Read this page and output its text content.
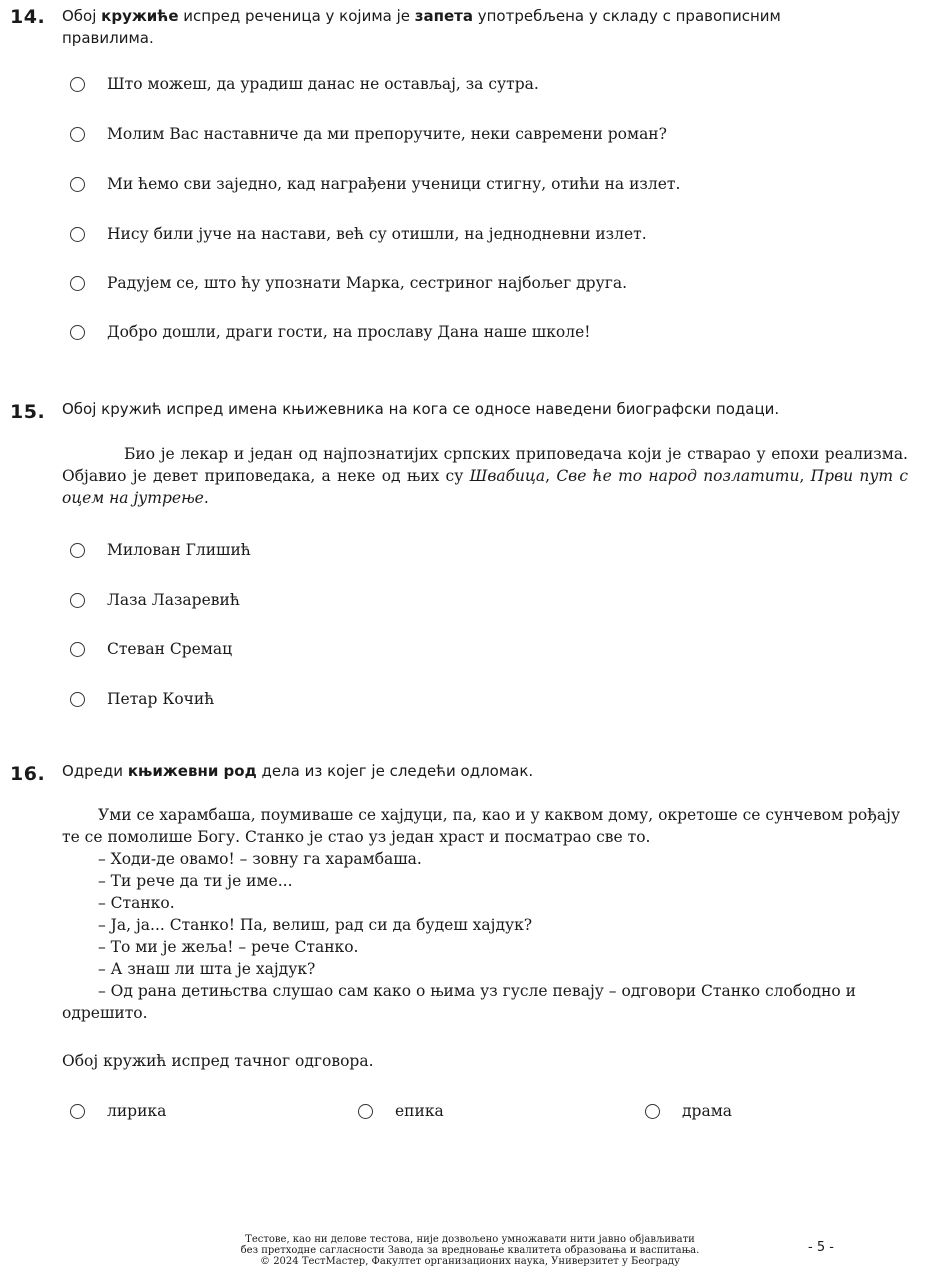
14. Обој кружиће испред реченица у којима је запета употребљена у складу с правописним правилима.
Што можеш, да урадиш данас не остављај, за сутра.
Молим Вас наставниче да ми препоручите, неки савремени роман?
Ми ћемо сви заједно, кад награђени ученици стигну, отићи на излет.
Нису били јуче на настави, већ су отишли, на једнодневни излет.
Радујем се, што ћу упознати Марка, сестриног најбољег друга.
Добро дошли, драги гости, на прославу Дана наше школе!
15. Обој кружић испред имена књижевника на кога се односе наведени биографски подаци.
Био је лекар и један од најпознатијих српских приповедача који је стварао у епохи реализма. Објавио је девет приповедака, а неке од њих су Швабица, Све ће то народ позлатити, Први пут с оцем на јутрење.
Милован Глишић
Лаза Лазаревић
Стеван Сремац
Петар Кочић
16. Одреди књижевни род дела из којег је следећи одломак.
Уми се харамбаша, поумиваше се хајдуци, па, као и у каквом дому, окретоше се сунчевом рођају те се помолише Богу. Станко је стао уз један храст и посматрао све то.
– Ходи-де овамо! – зовну га харамбаша.
– Ти рече да ти је име...
– Станко.
– Ја, ја... Станко! Па, велиш, рад си да будеш хајдук?
– То ми је жеља! – рече Станко.
– А знаш ли шта је хајдук?
– Од рана детињства слушао сам како о њима уз гусле певају – одговори Станко слободно и одрешито.
Обој кружић испред тачног одговора.
лирика	епика	драма
Тестове, као ни делове тестова, није дозвољено умножавати нити јавно објављивати
без претходне сагласности Завода за вредновање квалитета образовања и васпитања.
© 2024 ТестМастер, Факултет организационих наука, Универзитет у Београду
- 5 -
